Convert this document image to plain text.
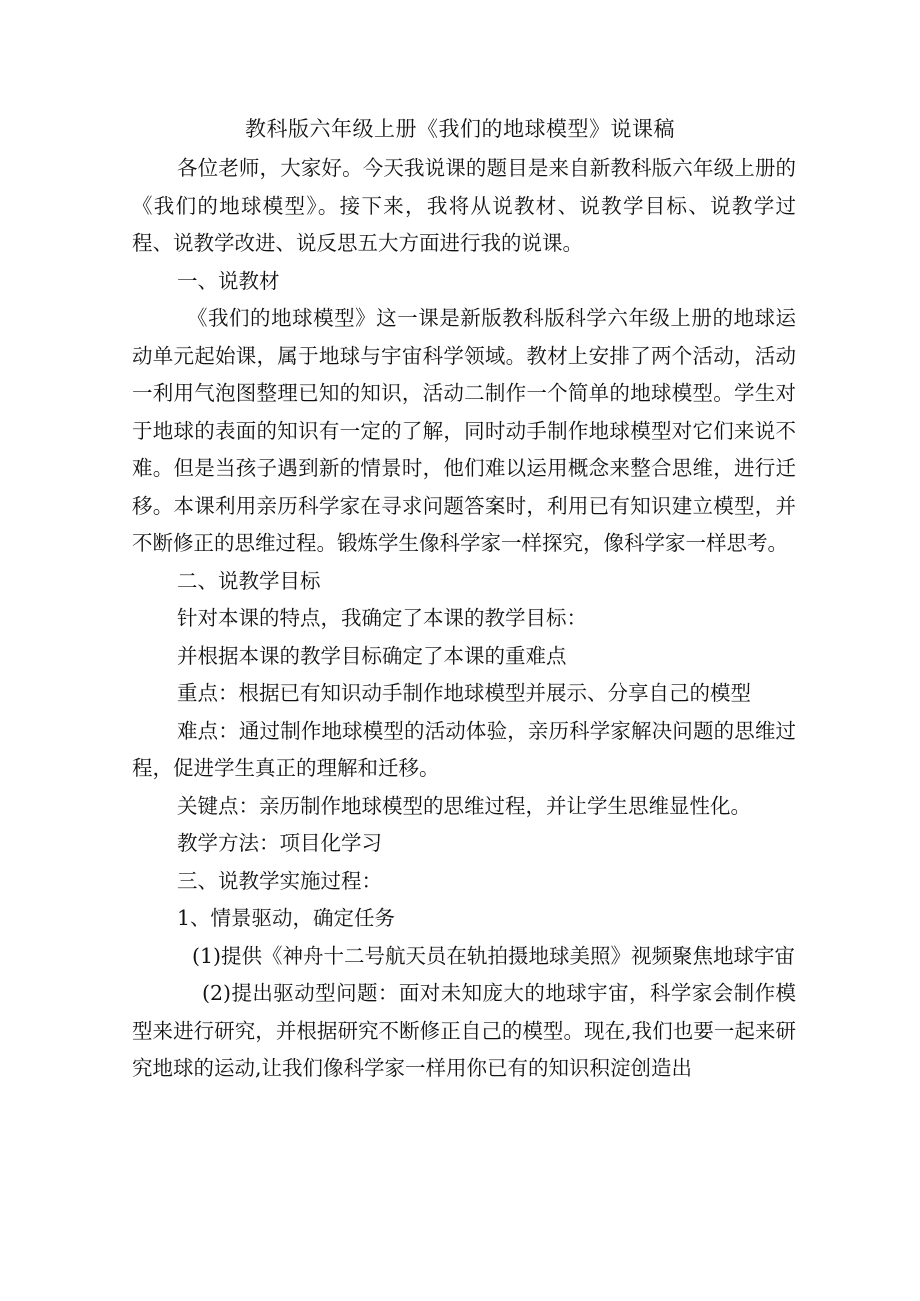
教科版六年级上册《我们的地球模型》说课稿

各位老师，大家好。今天我说课的题目是来自新教科版六年级上册的《我们的地球模型》。接下来，我将从说教材、说教学目标、说教学过程、说教学改进、说反思五大方面进行我的说课。

一、说教材

《我们的地球模型》这一课是新版教科版科学六年级上册的地球运动单元起始课，属于地球与宇宙科学领域。教材上安排了两个活动，活动一利用气泡图整理已知的知识，活动二制作一个简单的地球模型。学生对于地球的表面的知识有一定的了解，同时动手制作地球模型对它们来说不难。但是当孩子遇到新的情景时，他们难以运用概念来整合思维，进行迁移。本课利用亲历科学家在寻求问题答案时，利用已有知识建立模型，并不断修正的思维过程。锻炼学生像科学家一样探究，像科学家一样思考。

二、说教学目标

针对本课的特点，我确定了本课的教学目标：

并根据本课的教学目标确定了本课的重难点

重点：根据已有知识动手制作地球模型并展示、分享自己的模型

难点：通过制作地球模型的活动体验，亲历科学家解决问题的思维过程，促进学生真正的理解和迁移。

关键点：亲历制作地球模型的思维过程，并让学生思维显性化。

教学方法：项目化学习

三、说教学实施过程：

1、情景驱动，确定任务

(1)提供《神舟十二号航天员在轨拍摄地球美照》视频聚焦地球宇宙

(2)提出驱动型问题：面对未知庞大的地球宇宙，科学家会制作模型来进行研究，并根据研究不断修正自己的模型。现在,我们也要一起来研究地球的运动,让我们像科学家一样用你已有的知识积淀创造出
